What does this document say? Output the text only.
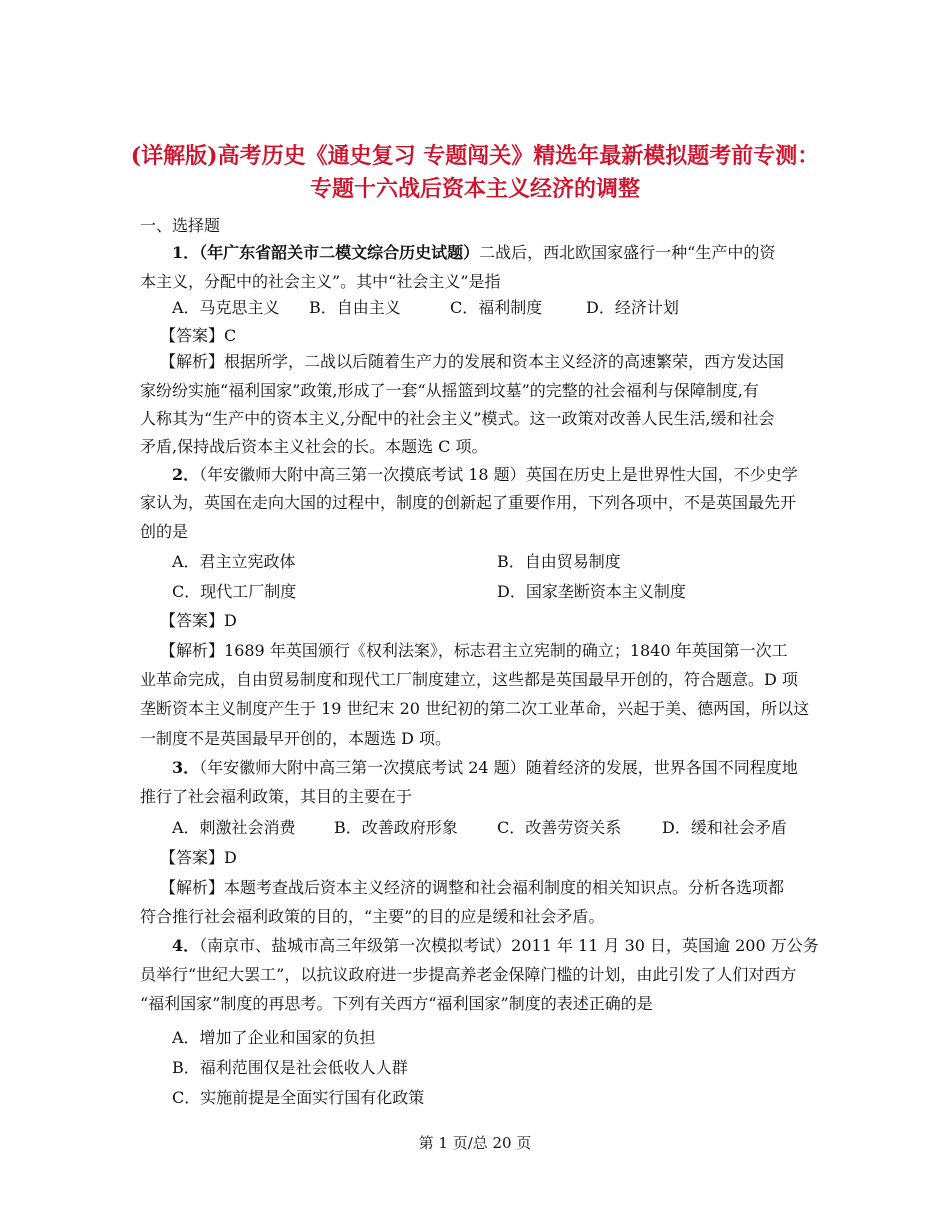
(详解版)高考历史《通史复习 专题闯关》精选年最新模拟题考前专测：
专题十六战后资本主义经济的调整
一、选择题
1．（年广东省韶关市二模文综合历史试题）二战后，西北欧国家盛行一种“生产中的资
本主义，分配中的社会主义”。其中“社会主义”是指
A．马克思主义 B．自由主义	C．福利制度	D．经济计划
【答案】C
【解析】根据所学，二战以后随着生产力的发展和资本主义经济的高速繁荣，西方发达国
家纷纷实施“福利国家”政策,形成了一套“从摇篮到坟墓”的完整的社会福利与保障制度,有
人称其为“生产中的资本主义,分配中的社会主义”模式。这一政策对改善人民生活,缓和社会
矛盾,保持战后资本主义社会的长。本题选 C 项。
2．（年安徽师大附中高三第一次摸底考试 18 题）英国在历史上是世界性大国，不少史学
家认为，英国在走向大国的过程中，制度的创新起了重要作用，下列各项中，不是英国最先开
创的是
A．君主立宪政体	B．自由贸易制度
C．现代工厂制度	D．国家垄断资本主义制度
【答案】D
【解析】1689 年英国颁行《权利法案》，标志君主立宪制的确立；1840 年英国第一次工
业革命完成，自由贸易制度和现代工厂制度建立，这些都是英国最早开创的，符合题意。D 项
垄断资本主义制度产生于 19 世纪末 20 世纪初的第二次工业革命，兴起于美、德两国，所以这
一制度不是英国最早开创的，本题选 D 项。
3．（年安徽师大附中高三第一次摸底考试 24 题）随着经济的发展，世界各国不同程度地
推行了社会福利政策，其目的主要在于
A．刺激社会消费 B．改善政府形象 C．改善劳资关系	D．缓和社会矛盾
【答案】D
【解析】本题考查战后资本主义经济的调整和社会福利制度的相关知识点。分析各选项都
符合推行社会福利政策的目的，“主要”的目的应是缓和社会矛盾。
4．（南京市、盐城市高三年级第一次模拟考试）2011 年 11 月 30 日，英国逾 200 万公务
员举行“世纪大罢工”，以抗议政府进一步提高养老金保障门槛的计划，由此引发了人们对西方
“福利国家”制度的再思考。下列有关西方“福利国家”制度的表述正确的是
A．增加了企业和国家的负担
B．福利范围仅是社会低收人人群
C．实施前提是全面实行国有化政策
第 1 页/总 20 页
